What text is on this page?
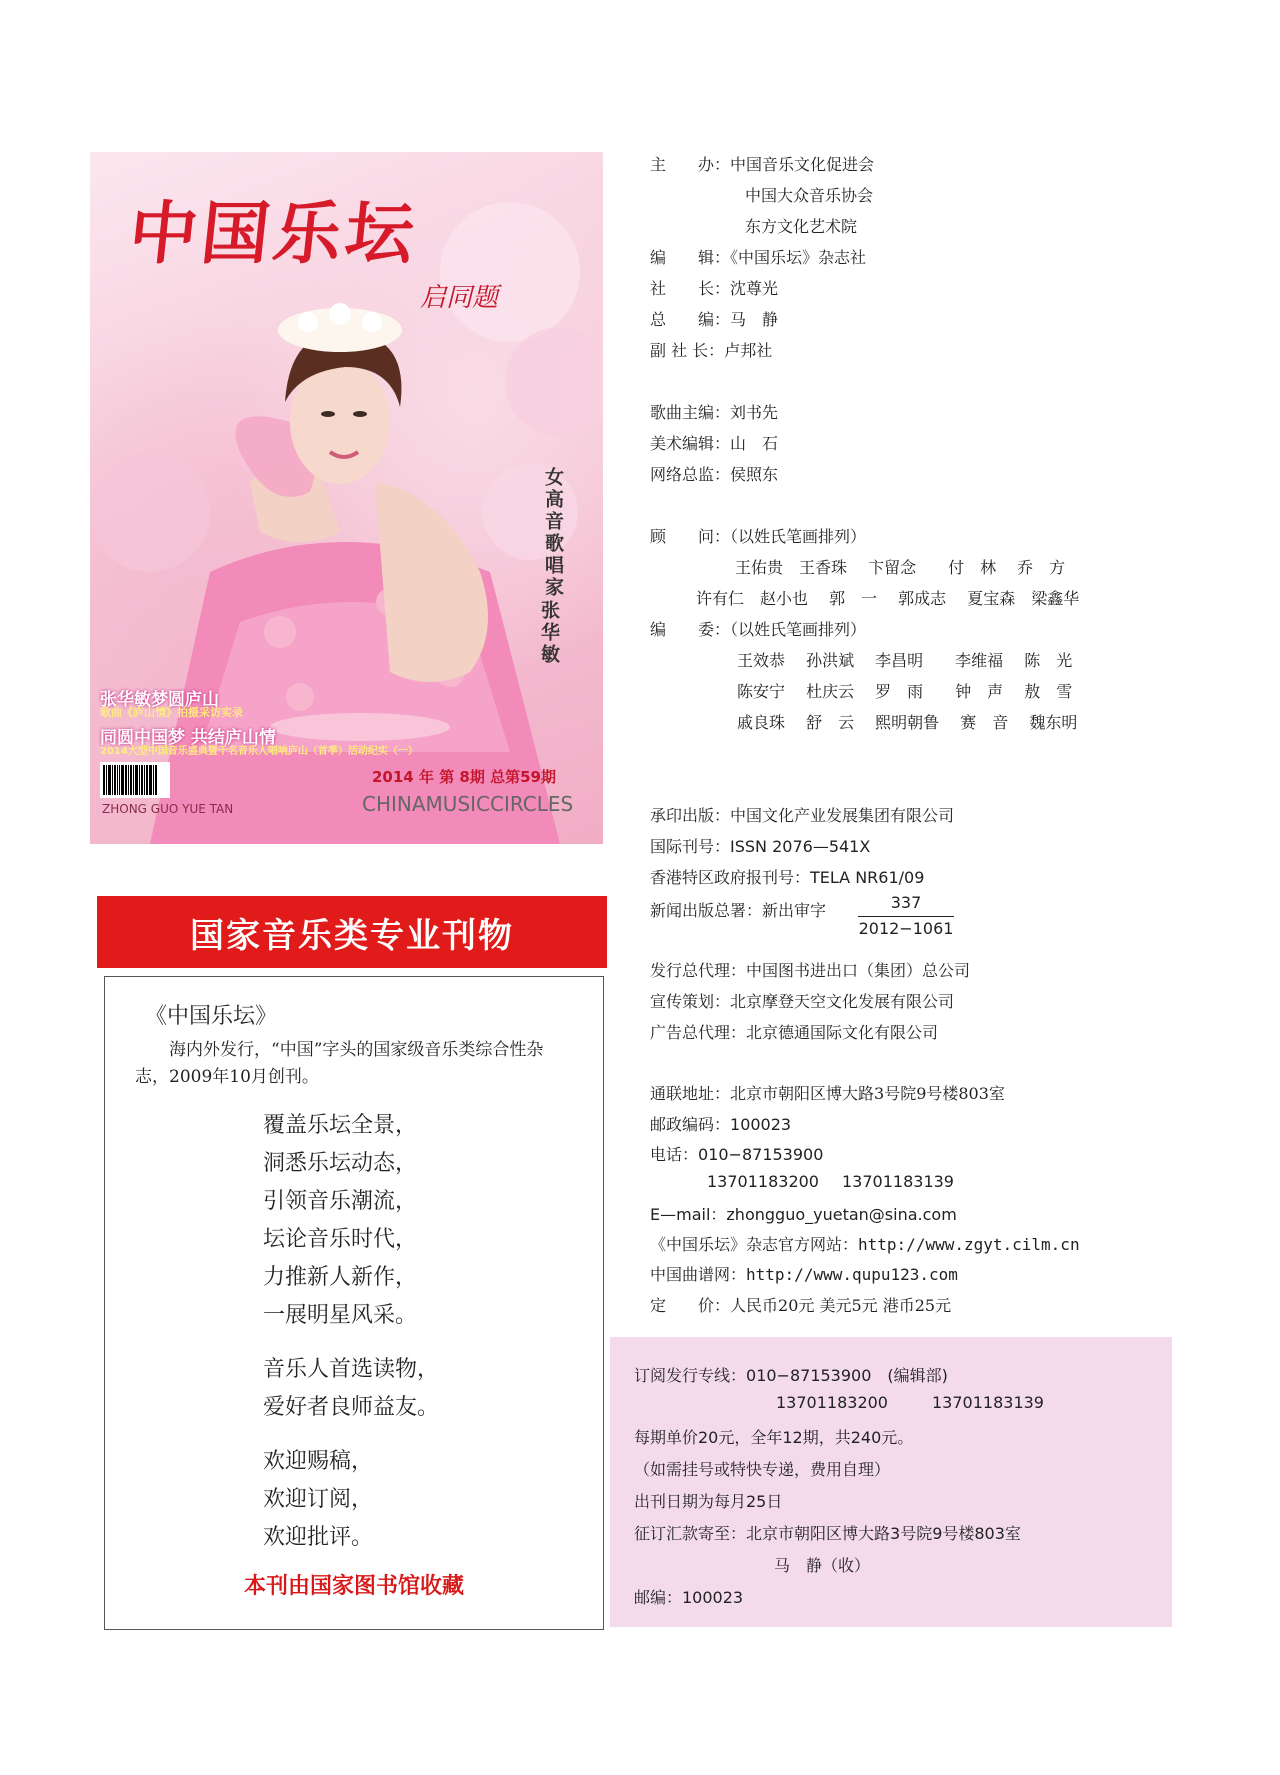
中国乐坛
启同题
女高音歌唱家
张华敏
张华敏梦圆庐山
歌曲《庐山情》拍摄采访实录
同圆中国梦 共结庐山情
2014大型中国音乐盛典暨千名音乐人唱响庐山（首季）活动纪实（一）
2014 年 第 8期 总第59期
ZHONG GUO YUE TAN	CHINAMUSICCIRCLES
国家音乐类专业刊物
《中国乐坛》
海内外发行，“中国”字头的国家级音乐类综合性杂志，2009年10月创刊。
覆盖乐坛全景，
洞悉乐坛动态，
引领音乐潮流，
坛论音乐时代，
力推新人新作，
一展明星风采。
音乐人首选读物，
爱好者良师益友。
欢迎赐稿，
欢迎订阅，
欢迎批评。
本刊由国家图书馆收藏
主　　办：中国音乐文化促进会
中国大众音乐协会
东方文化艺术院
编　　辑：《中国乐坛》杂志社
社　　长：沈尊光
总　　编：马　静
副 社 长：卢邦社
歌曲主编：刘书先
美术编辑：山　石
网络总监：侯照东
顾　　问：（以姓氏笔画排列）
王佑贵　王香珠　 卞留念　　付　林　 乔　方
许有仁　赵小也　 郭　一　 郭成志　 夏宝森　梁鑫华
编　　委：（以姓氏笔画排列）
王效恭　 孙洪斌　 李昌明　　李维福　 陈　光
陈安宁　 杜庆云　 罗　雨　　钟　声　 敖　雪
戚良珠　 舒　云　 熙明朝鲁　 赛　音　 魏东明
承印出版：中国文化产业发展集团有限公司
国际刊号：ISSN 2076—541X
香港特区政府报刊号：TELA NR61/09
新闻出版总署：新出审字 $\frac{337}{2012-1061}$
发行总代理：中国图书进出口（集团）总公司
宣传策划：北京摩登天空文化发展有限公司
广告总代理：北京德通国际文化有限公司
通联地址：北京市朝阳区博大路3号院9号楼803室
邮政编码：100023
电话：010−87153900
13701183200 13701183139
E—mail：zhongguo_yuetan@sina.com
《中国乐坛》杂志官方网站：http://www.zgyt.cilm.cn
中国曲谱网：http://www.qupu123.com
定　　价：人民币20元 美元5元 港币25元
订阅发行专线：010−87153900　(编辑部)
13701183200	13701183139
每期单价20元，全年12期，共240元。
（如需挂号或特快专递，费用自理）
出刊日期为每月25日
征订汇款寄至：北京市朝阳区博大路3号院9号楼803室
马　静（收）
邮编：100023
